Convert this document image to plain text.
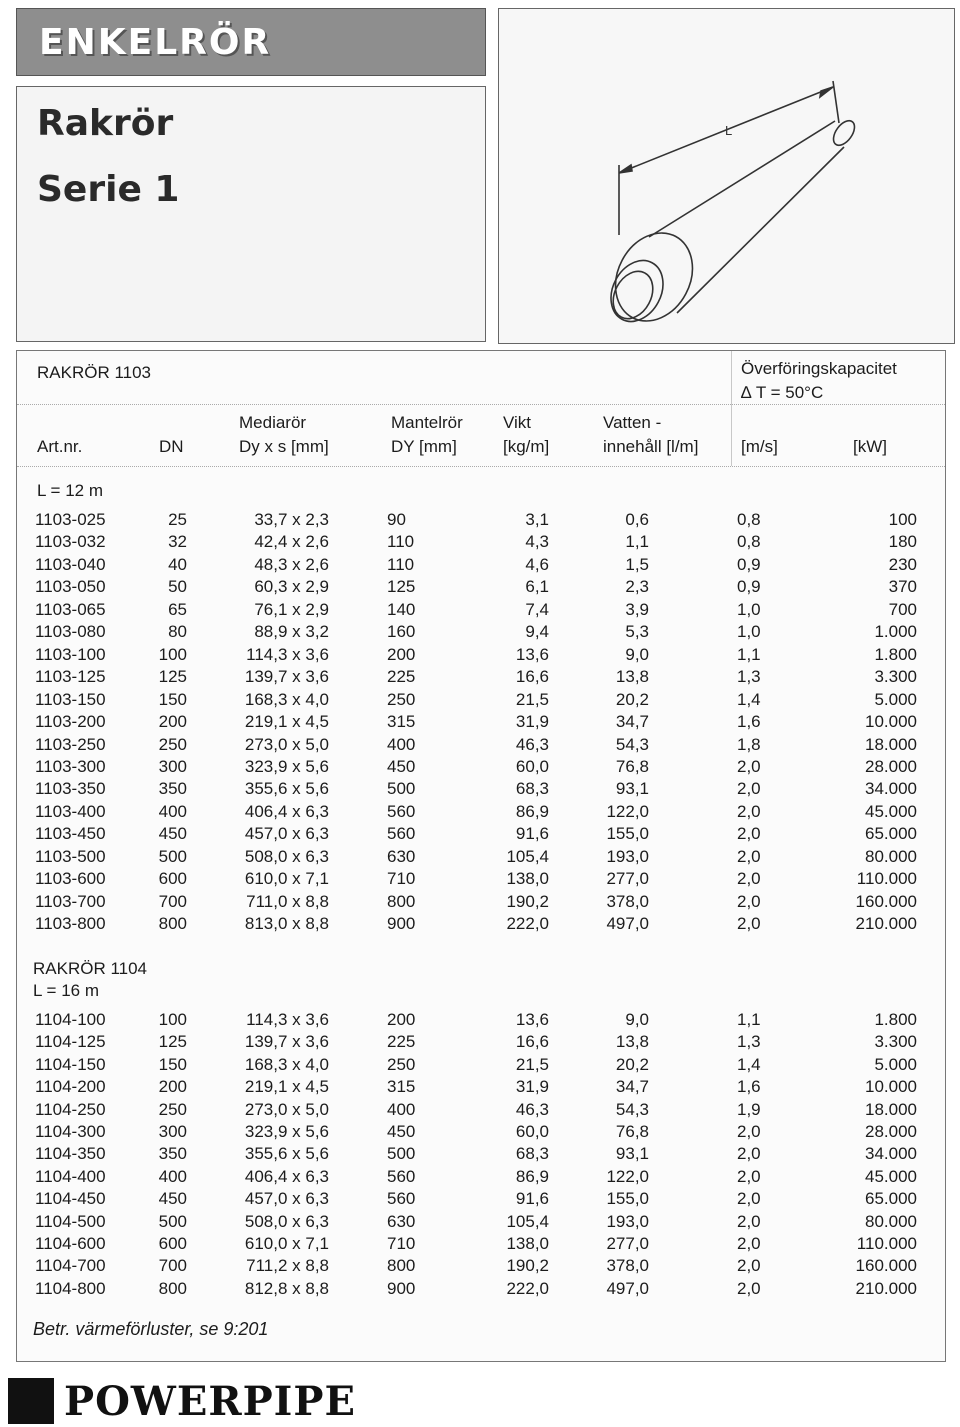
ENKELRÖR
Rakrör
Serie 1
L
RAKRÖR 1103	Överföringskapacitet
∆ T = 50°C
Mediarör	Mantelrör Vikt	Vatten -
Art.nr.	DN	Dy x s [mm]	DY [mm]	[kg/m]	innehåll [l/m]	[m/s]	[kW]
L = 12 m
1103-025	25	33,7 x 2,3	90	3,1	0,6	0,8	100
1103-032	32	42,4 x 2,6	110	4,3	1,1	0,8	180
1103-040	40	48,3 x 2,6	110	4,6	1,5	0,9	230
1103-050	50	60,3 x 2,9	125	6,1	2,3	0,9	370
1103-065	65	76,1 x 2,9	140	7,4	3,9	1,0	700
1103-080	80	88,9 x 3,2	160	9,4	5,3	1,0	1.000
1103-100	100	114,3 x 3,6	200	13,6	9,0	1,1	1.800
1103-125	125	139,7 x 3,6	225	16,6	13,8	1,3	3.300
1103-150	150	168,3 x 4,0	250	21,5	20,2	1,4	5.000
1103-200	200	219,1 x 4,5	315	31,9	34,7	1,6	10.000
1103-250	250	273,0 x 5,0	400	46,3	54,3	1,8	18.000
1103-300	300	323,9 x 5,6	450	60,0	76,8	2,0	28.000
1103-350	350	355,6 x 5,6	500	68,3	93,1	2,0	34.000
1103-400	400	406,4 x 6,3	560	86,9	122,0	2,0	45.000
1103-450	450	457,0 x 6,3	560	91,6	155,0	2,0	65.000
1103-500	500	508,0 x 6,3	630	105,4	193,0	2,0	80.000
1103-600	600	610,0 x 7,1	710	138,0	277,0	2,0	110.000
1103-700	700	711,0 x 8,8	800	190,2	378,0	2,0	160.000
1103-800	800	813,0 x 8,8	900	222,0	497,0	2,0	210.000
RAKRÖR 1104
L = 16 m
1104-100	100	114,3 x 3,6	200	13,6	9,0	1,1	1.800
1104-125	125	139,7 x 3,6	225	16,6	13,8	1,3	3.300
1104-150	150	168,3 x 4,0	250	21,5	20,2	1,4	5.000
1104-200	200	219,1 x 4,5	315	31,9	34,7	1,6	10.000
1104-250	250	273,0 x 5,0	400	46,3	54,3	1,9	18.000
1104-300	300	323,9 x 5,6	450	60,0	76,8	2,0	28.000
1104-350	350	355,6 x 5,6	500	68,3	93,1	2,0	34.000
1104-400	400	406,4 x 6,3	560	86,9	122,0	2,0	45.000
1104-450	450	457,0 x 6,3	560	91,6	155,0	2,0	65.000
1104-500	500	508,0 x 6,3	630	105,4	193,0	2,0	80.000
1104-600	600	610,0 x 7,1	710	138,0	277,0	2,0	110.000
1104-700	700	711,2 x 8,8	800	190,2	378,0	2,0	160.000
1104-800	800	812,8 x 8,8	900	222,0	497,0	2,0	210.000
Betr. värmeförluster, se 9:201
POWERPIPE
